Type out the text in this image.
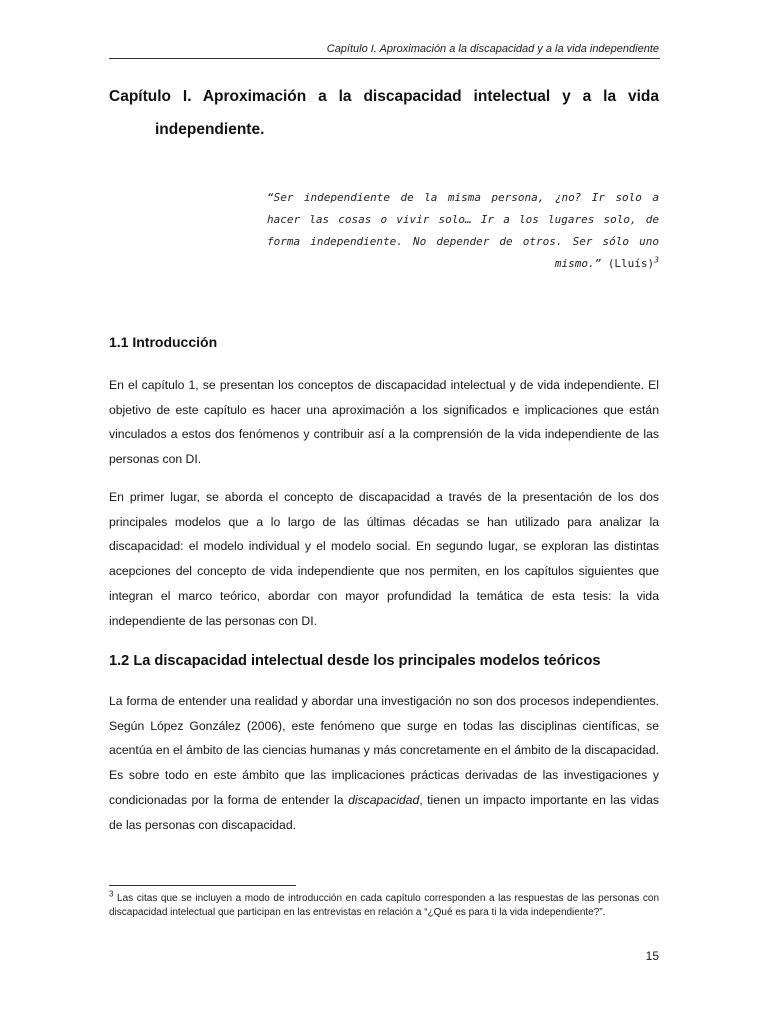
Capítulo I. Aproximación a la discapacidad y a la vida independiente
Capítulo I. Aproximación a la discapacidad intelectual y a la vida
independiente.
“Ser independiente de la misma persona, ¿no? Ir solo a hacer las cosas o vivir solo… Ir a los lugares solo, de forma independiente. No depender de otros. Ser sólo uno mismo.” (Lluís)$^3$
1.1 Introducción

En el capítulo 1, se presentan los conceptos de discapacidad intelectual y de vida independiente. El objetivo de este capítulo es hacer una aproximación a los significados e implicaciones que están vinculados a estos dos fenómenos y contribuir así a la comprensión de la vida independiente de las personas con DI.

En primer lugar, se aborda el concepto de discapacidad a través de la presentación de los dos principales modelos que a lo largo de las últimas décadas se han utilizado para analizar la discapacidad: el modelo individual y el modelo social. En segundo lugar, se exploran las distintas acepciones del concepto de vida independiente que nos permiten, en los capítulos siguientes que integran el marco teórico, abordar con mayor profundidad la temática de esta tesis: la vida independiente de las personas con DI.

1.2 La discapacidad intelectual desde los principales modelos teóricos

La forma de entender una realidad y abordar una investigación no son dos procesos independientes. Según López González (2006), este fenómeno que surge en todas las disciplinas científicas, se acentúa en el ámbito de las ciencias humanas y más concretamente en el ámbito de la discapacidad. Es sobre todo en este ámbito que las implicaciones prácticas derivadas de las investigaciones y condicionadas por la forma de entender la discapacidad, tienen un impacto importante en las vidas de las personas con discapacidad.

$^3$ Las citas que se incluyen a modo de introducción en cada capítulo corresponden a las respuestas de las personas con discapacidad intelectual que participan en las entrevistas en relación a “¿Qué es para ti la vida independiente?”.
15
